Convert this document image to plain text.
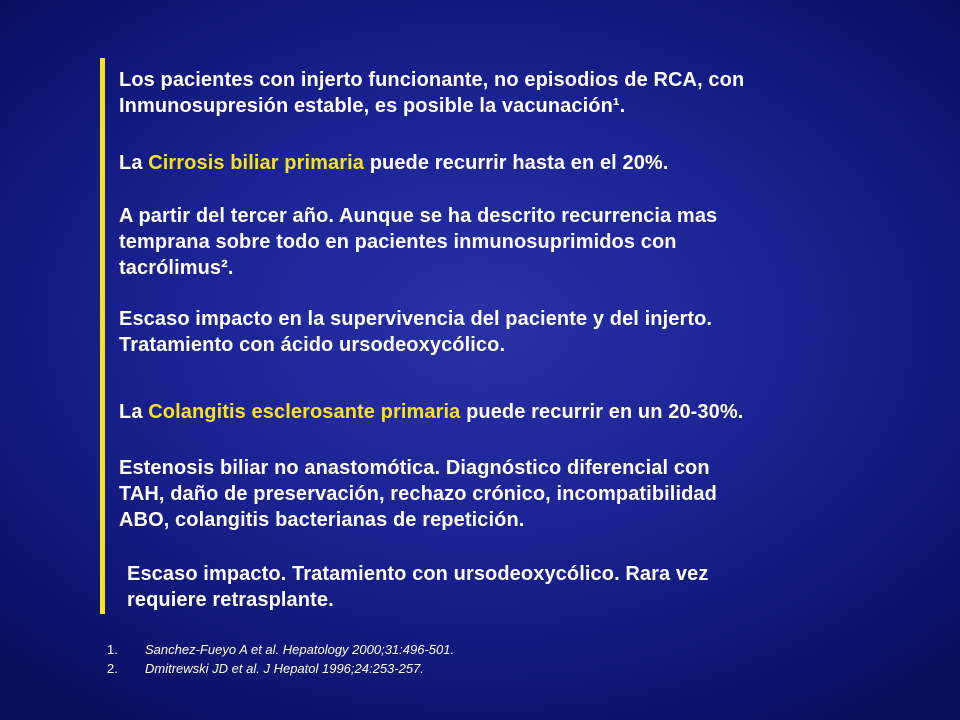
Los pacientes con injerto funcionante, no episodios de RCA, con
Inmunosupresión estable, es posible la vacunación¹.
La Cirrosis biliar primaria puede recurrir hasta en el 20%.
A partir del tercer año. Aunque se ha descrito recurrencia mas
temprana sobre todo en pacientes inmunosuprimidos con
tacrólimus².
Escaso impacto en la supervivencia del paciente y del injerto.
Tratamiento con ácido ursodeoxycólico.
La Colangitis esclerosante primaria puede recurrir en un 20-30%.
Estenosis biliar no anastomótica. Diagnóstico diferencial con
TAH, daño de preservación, rechazo crónico, incompatibilidad
ABO, colangitis bacterianas de repetición.
Escaso impacto. Tratamiento con ursodeoxycólico. Rara vez
requiere retrasplante.
1. Sanchez-Fueyo A et al. Hepatology 2000;31:496-501.
2. Dmitrewski JD et al. J Hepatol 1996;24:253-257.
